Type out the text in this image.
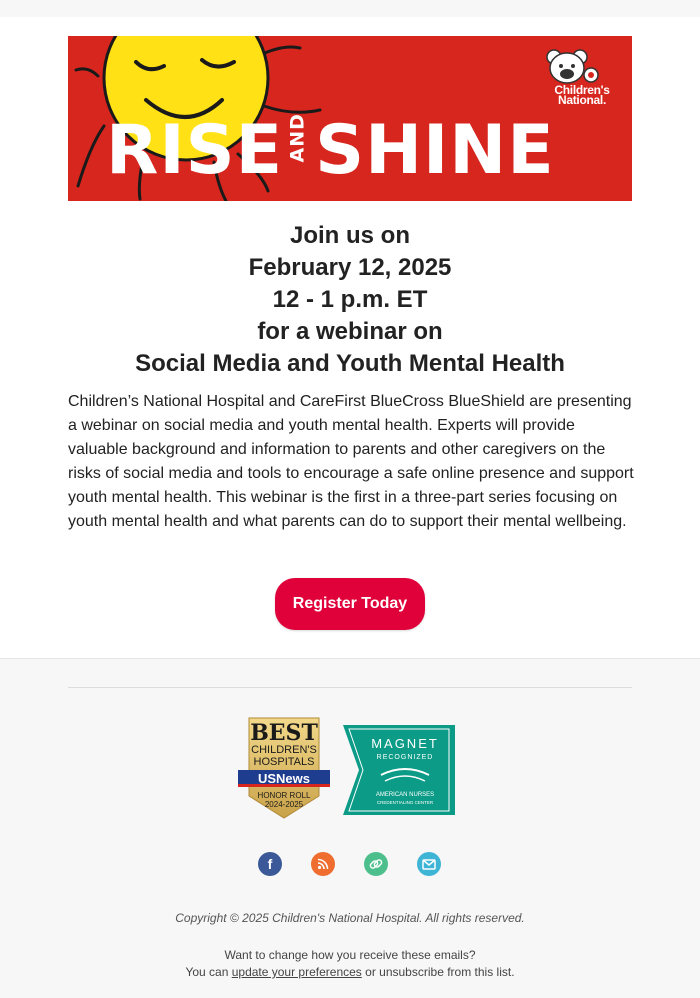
RISE AND SHINE
Children's
National.
Join us on
February 12, 2025
12 - 1 p.m. ET
for a webinar on
Social Media and Youth Mental Health
Children’s National Hospital and CareFirst BlueCross BlueShield are presenting a webinar on social media and youth mental health. Experts will provide valuable background and information to parents and other caregivers on the risks of social media and tools to encourage a safe online presence and support youth mental health. This webinar is the first in a three-part series focusing on youth mental health and what parents can do to support their mental wellbeing.
Register Today
BEST
CHILDREN'S
HOSPITALS
USNews
HONOR ROLL
2024-2025
MAGNET
RECOGNIZED
AMERICAN NURSES
CREDENTIALING CENTER
f
Copyright © 2025 Children's National Hospital. All rights reserved.
Want to change how you receive these emails?
You can update your preferences or unsubscribe from this list.
